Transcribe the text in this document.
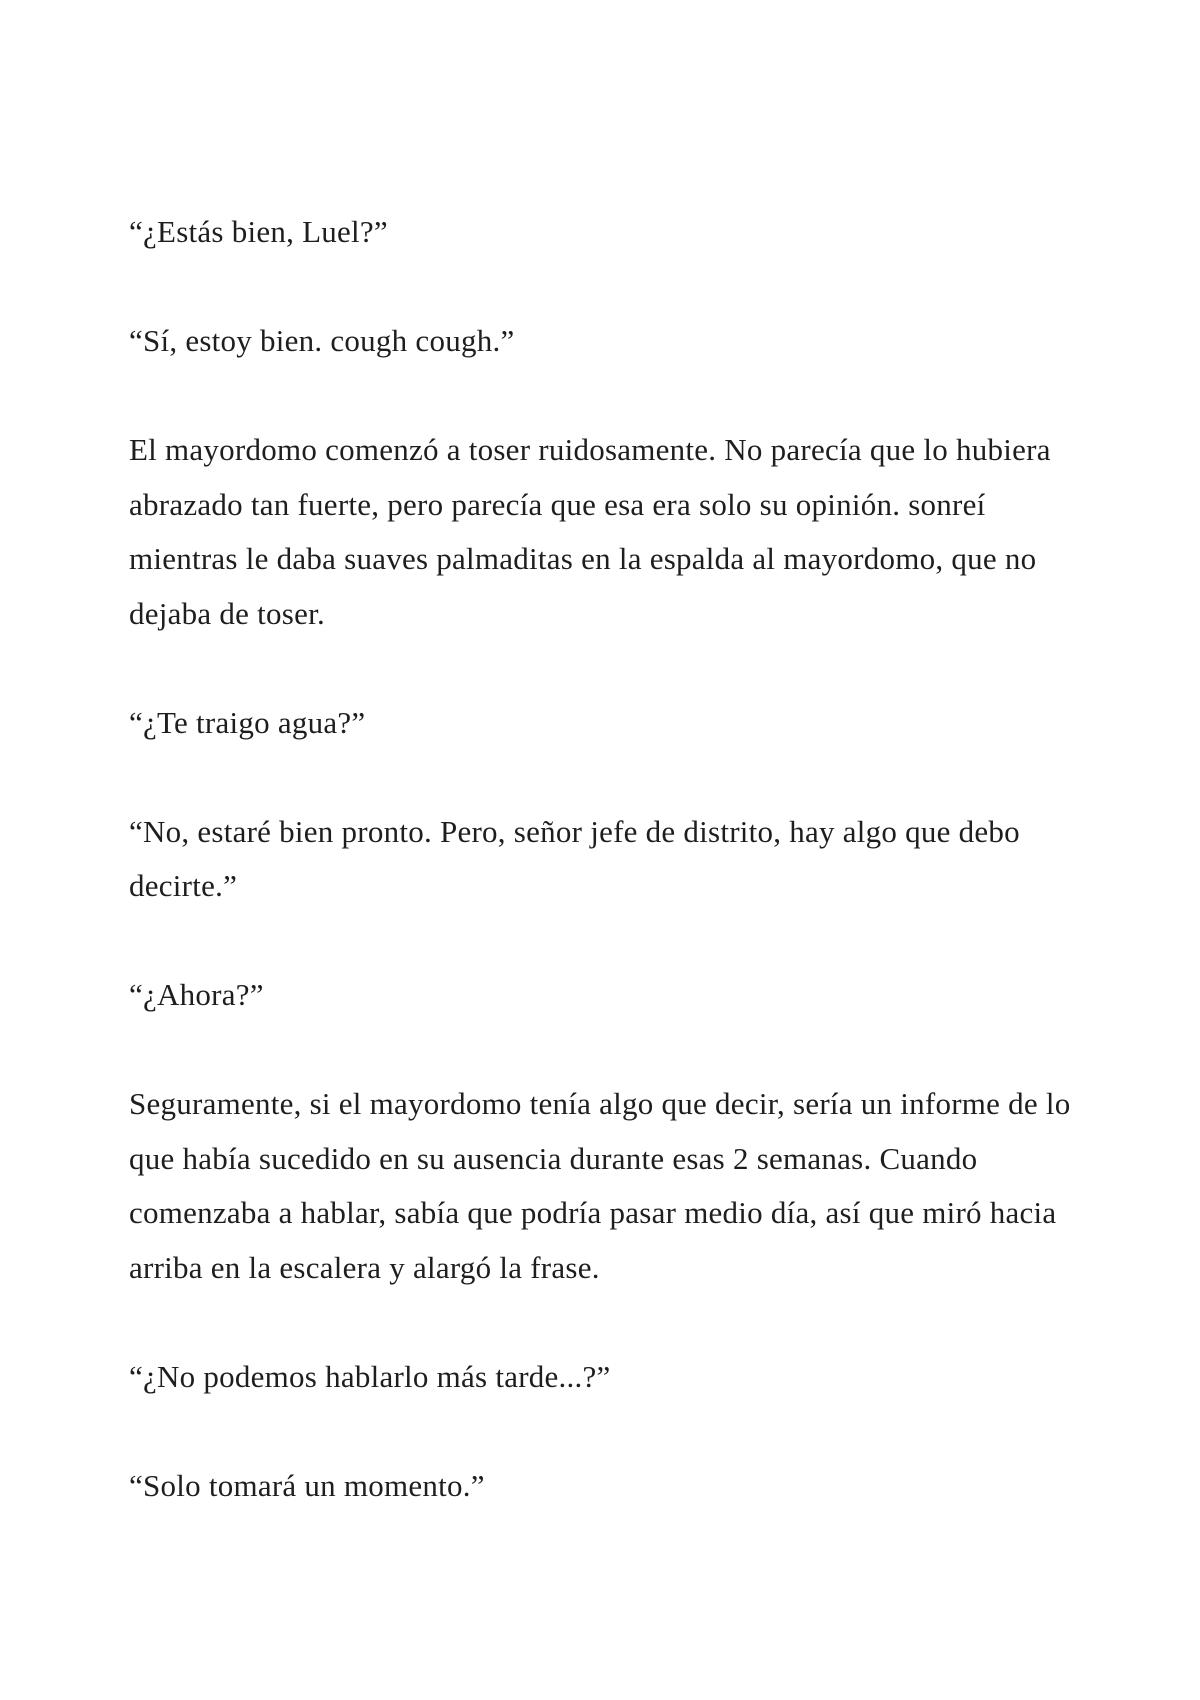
“¿Estás bien, Luel?”

“Sí, estoy bien. cough cough.”

El mayordomo comenzó a toser ruidosamente. No parecía que lo hubiera abrazado tan fuerte, pero parecía que esa era solo su opinión. sonreí mientras le daba suaves palmaditas en la espalda al mayordomo, que no dejaba de toser.

“¿Te traigo agua?”

“No, estaré bien pronto. Pero, señor jefe de distrito, hay algo que debo decirte.”

“¿Ahora?”

Seguramente, si el mayordomo tenía algo que decir, sería un informe de lo que había sucedido en su ausencia durante esas 2 semanas. Cuando comenzaba a hablar, sabía que podría pasar medio día, así que miró hacia arriba en la escalera y alargó la frase.

“¿No podemos hablarlo más tarde...?”

“Solo tomará un momento.”
